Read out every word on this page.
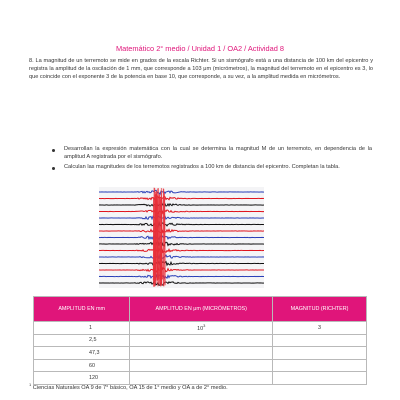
Matemático 2° medio / Unidad 1 / OA2 / Actividad 8
8. La magnitud de un terremoto se mide en grados de la escala Richter. Si un sismógrafo está a una distancia de 100 km del epicentro y registra la amplitud de la oscilación de 1 mm, que corresponde a 103 μm (micrómetros), la magnitud del terremoto en el epicentro es 3, lo que coincide con el exponente 3 de la potencia en base 10, que corresponde, a su vez, a la amplitud medida en micrómetros.
Desarrollan la expresión matemática con la cual se determina la magnitud M de un terremoto, en dependencia de la amplitud A registrada por el sismógrafo.
Calculan las magnitudes de los terremotos registrados a 100 km de distancia del epicentro. Completan la tabla.
AMPLITUD EN mm	AMPLITUD EN μm (MICRÓMETROS)	MAGNITUD (RICHTER)
1	$10^3$	3
2,5		
47,3		
60		
120		
$^1$ Ciencias Naturales OA 9 de 7° básico, OA 15 de 1° medio y OA a de 2° medio.
